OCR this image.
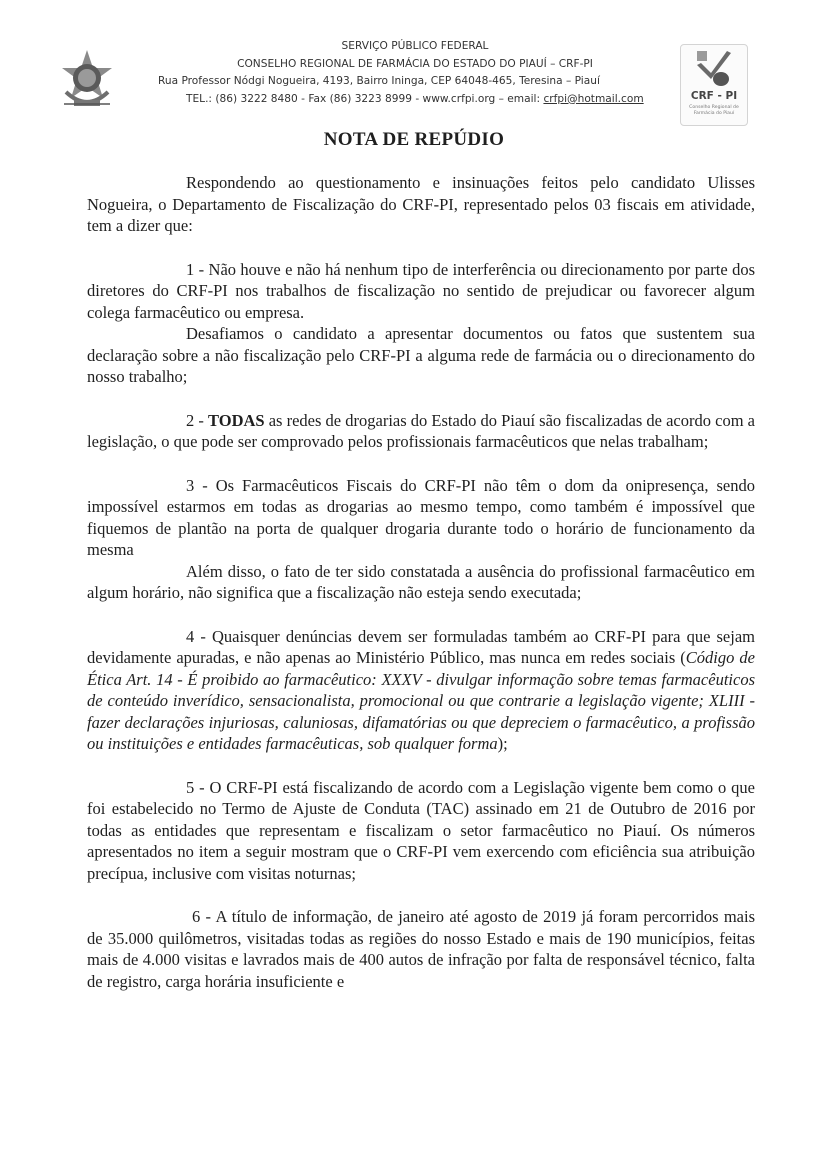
SERVIÇO PÚBLICO FEDERAL
CONSELHO REGIONAL DE FARMÁCIA DO ESTADO DO PIAUÍ – CRF-PI
Rua Professor Nódgi Nogueira, 4193, Bairro Ininga, CEP 64048-465, Teresina – Piauí
TEL.: (86) 3222 8480 - Fax (86) 3223 8999 - www.crfpi.org – email: crfpi@hotmail.com	CRF - PI
Conselho Regional de Farmácia do Piauí
NOTA DE REPÚDIO

Respondendo ao questionamento e insinuações feitos pelo candidato Ulisses Nogueira, o Departamento de Fiscalização do CRF-PI, representado pelos 03 fiscais em atividade, tem a dizer que:

1 - Não houve e não há nenhum tipo de interferência ou direcionamento por parte dos diretores do CRF-PI nos trabalhos de fiscalização no sentido de prejudicar ou favorecer algum colega farmacêutico ou empresa.

Desafiamos o candidato a apresentar documentos ou fatos que sustentem sua declaração sobre a não fiscalização pelo CRF-PI a alguma rede de farmácia ou o direcionamento do nosso trabalho;

2 - TODAS as redes de drogarias do Estado do Piauí são fiscalizadas de acordo com a legislação, o que pode ser comprovado pelos profissionais farmacêuticos que nelas trabalham;

3 - Os Farmacêuticos Fiscais do CRF-PI não têm o dom da onipresença, sendo impossível estarmos em todas as drogarias ao mesmo tempo, como também é impossível que fiquemos de plantão na porta de qualquer drogaria durante todo o horário de funcionamento da mesma

Além disso, o fato de ter sido constatada a ausência do profissional farmacêutico em algum horário, não significa que a fiscalização não esteja sendo executada;

4 - Quaisquer denúncias devem ser formuladas também ao CRF-PI para que sejam devidamente apuradas, e não apenas ao Ministério Público, mas nunca em redes sociais (Código de Ética Art. 14 - É proibido ao farmacêutico: XXXV - divulgar informação sobre temas farmacêuticos de conteúdo inverídico, sensacionalista, promocional ou que contrarie a legislação vigente; XLIII - fazer declarações injuriosas, caluniosas, difamatórias ou que depreciem o farmacêutico, a profissão ou instituições e entidades farmacêuticas, sob qualquer forma);

5 - O CRF-PI está fiscalizando de acordo com a Legislação vigente bem como o que foi estabelecido no Termo de Ajuste de Conduta (TAC) assinado em 21 de Outubro de 2016 por todas as entidades que representam e fiscalizam o setor farmacêutico no Piauí. Os números apresentados no item a seguir mostram que o CRF-PI vem exercendo com eficiência sua atribuição precípua, inclusive com visitas noturnas;

6 - A título de informação, de janeiro até agosto de 2019 já foram percorridos mais de 35.000 quilômetros, visitadas todas as regiões do nosso Estado e mais de 190 municípios, feitas mais de 4.000 visitas e lavrados mais de 400 autos de infração por falta de responsável técnico, falta de registro, carga horária insuficiente e
